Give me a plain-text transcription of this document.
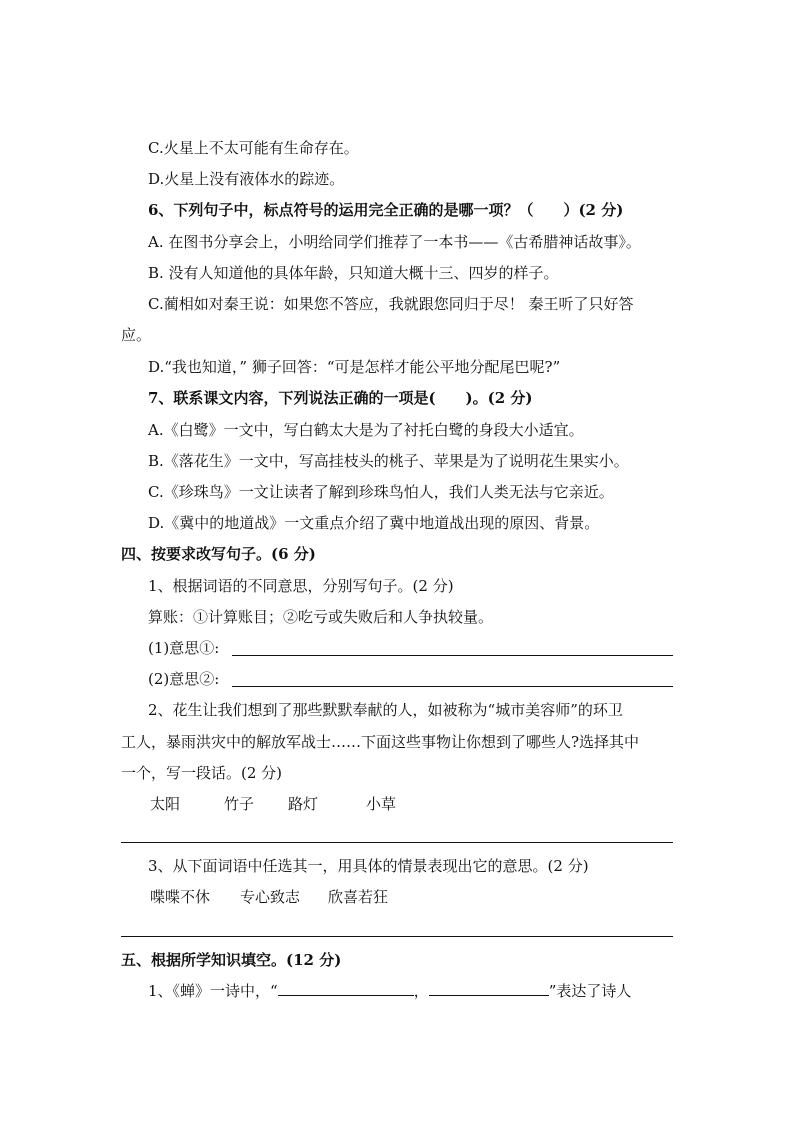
C.火星上不太可能有生命存在。
D.火星上没有液体水的踪迹。
6、下列句子中，标点符号的运用完全正确的是哪一项？（　　）(2 分)
A. 在图书分享会上，小明给同学们推荐了一本书——《古希腊神话故事》。
B. 没有人知道他的具体年龄，只知道大概十三、四岁的样子。
C.蔺相如对秦王说：如果您不答应，我就跟您同归于尽！ 秦王听了只好答
应。
D.“我也知道，” 狮子回答：“可是怎样才能公平地分配尾巴呢?”
7、联系课文内容，下列说法正确的一项是(　　)。(2 分)
A.《白鹭》一文中，写白鹤太大是为了衬托白鹭的身段大小适宜。
B.《落花生》一文中，写高挂枝头的桃子、苹果是为了说明花生果实小。
C.《珍珠鸟》一文让读者了解到珍珠鸟怕人，我们人类无法与它亲近。
D.《冀中的地道战》一文重点介绍了冀中地道战出现的原因、背景。
四、按要求改写句子。(6 分)
1、根据词语的不同意思，分别写句子。(2 分)
算账：①计算账目；②吃亏或失败后和人争执较量。
(1)意思①:
(2)意思②:
2、花生让我们想到了那些默默奉献的人，如被称为“城市美容师”的环卫
工人，暴雨洪灾中的解放军战士……下面这些事物让你想到了哪些人?选择其中
一个，写一段话。(2 分)
太阳	竹子 路灯	小草
3、从下面词语中任选其一，用具体的情景表现出它的意思。(2 分)
喋喋不休 专心致志 欣喜若狂
五、根据所学知识填空。(12 分)
1、《蝉》一诗中，“	，	”表达了诗人
